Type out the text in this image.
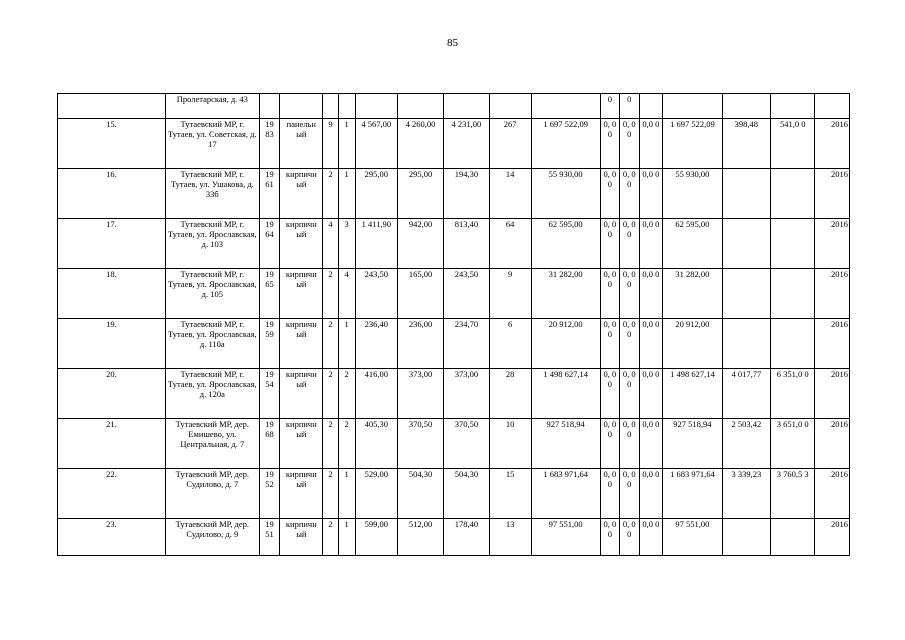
85
	Пролетарская, д. 43										0	0					
15.	Тутаевский МР, г. Тутаев, ул. Советская, д. 17	19 83	панельн ый	9	1	4 567,00	4 260,00	4 231,00	267	1 697 522,09	0, 0 0	0, 0 0	0,0 0	1 697 522,09	398,48	541,0 0	2016
16.	Тутаевский МР, г. Тутаев, ул. Ушакова, д. 33б	19 61	кирпичн ый	2	1	295,00	295,00	194,30	14	55 930,00	0, 0 0	0, 0 0	0,0 0	55 930,00			2016
17.	Тутаевский МР, г. Тутаев, ул. Ярославская, д. 103	19 64	кирпичн ый	4	3	1 411,90	942,00	813,40	64	62 595,00	0, 0 0	0, 0 0	0,0 0	62 595,00			2016
18.	Тутаевский МР, г. Тутаев, ул. Ярославская, д. 105	19 65	кирпичн ый	2	4	243,50	165,00	243,50	9	31 282,00	0, 0 0	0, 0 0	0,0 0	31 282,00			2016
19.	Тутаевский МР, г. Тутаев, ул. Ярославская, д. 110а	19 59	кирпичн ый	2	1	236,40	236,00	234,70	6	20 912,00	0, 0 0	0, 0 0	0,0 0	20 912,00			2016
20.	Тутаевский МР, г. Тутаев, ул. Ярославская, д. 120а	19 54	кирпичн ый	2	2	416,00	373,00	373,00	28	1 498 627,14	0, 0 0	0, 0 0	0,0 0	1 498 627,14	4 017,77	6 351,0 0	2016
21.	Тутаевский МР, дер. Емишево, ул. Центральная, д. 7	19 68	кирпичн ый	2	2	405,30	370,50	370,50	10	927 518,94	0, 0 0	0, 0 0	0,0 0	927 518,94	2 503,42	3 651,0 0	2016
22.	Тутаевский МР, дер. Судилово, д. 7	19 52	кирпичн ый	2	1	529,00	504,30	504,30	15	1 683 971,64	0, 0 0	0, 0 0	0,0 0	1 683 971,64	3 339,23	3 760,5 3	2016
23.	Тутаевский МР, дер. Судилово, д. 9	19 51	кирпичн ый	2	1	599,00	512,00	178,40	13	97 551,00	0, 0 0	0, 0 0	0,0 0	97 551,00			2016
